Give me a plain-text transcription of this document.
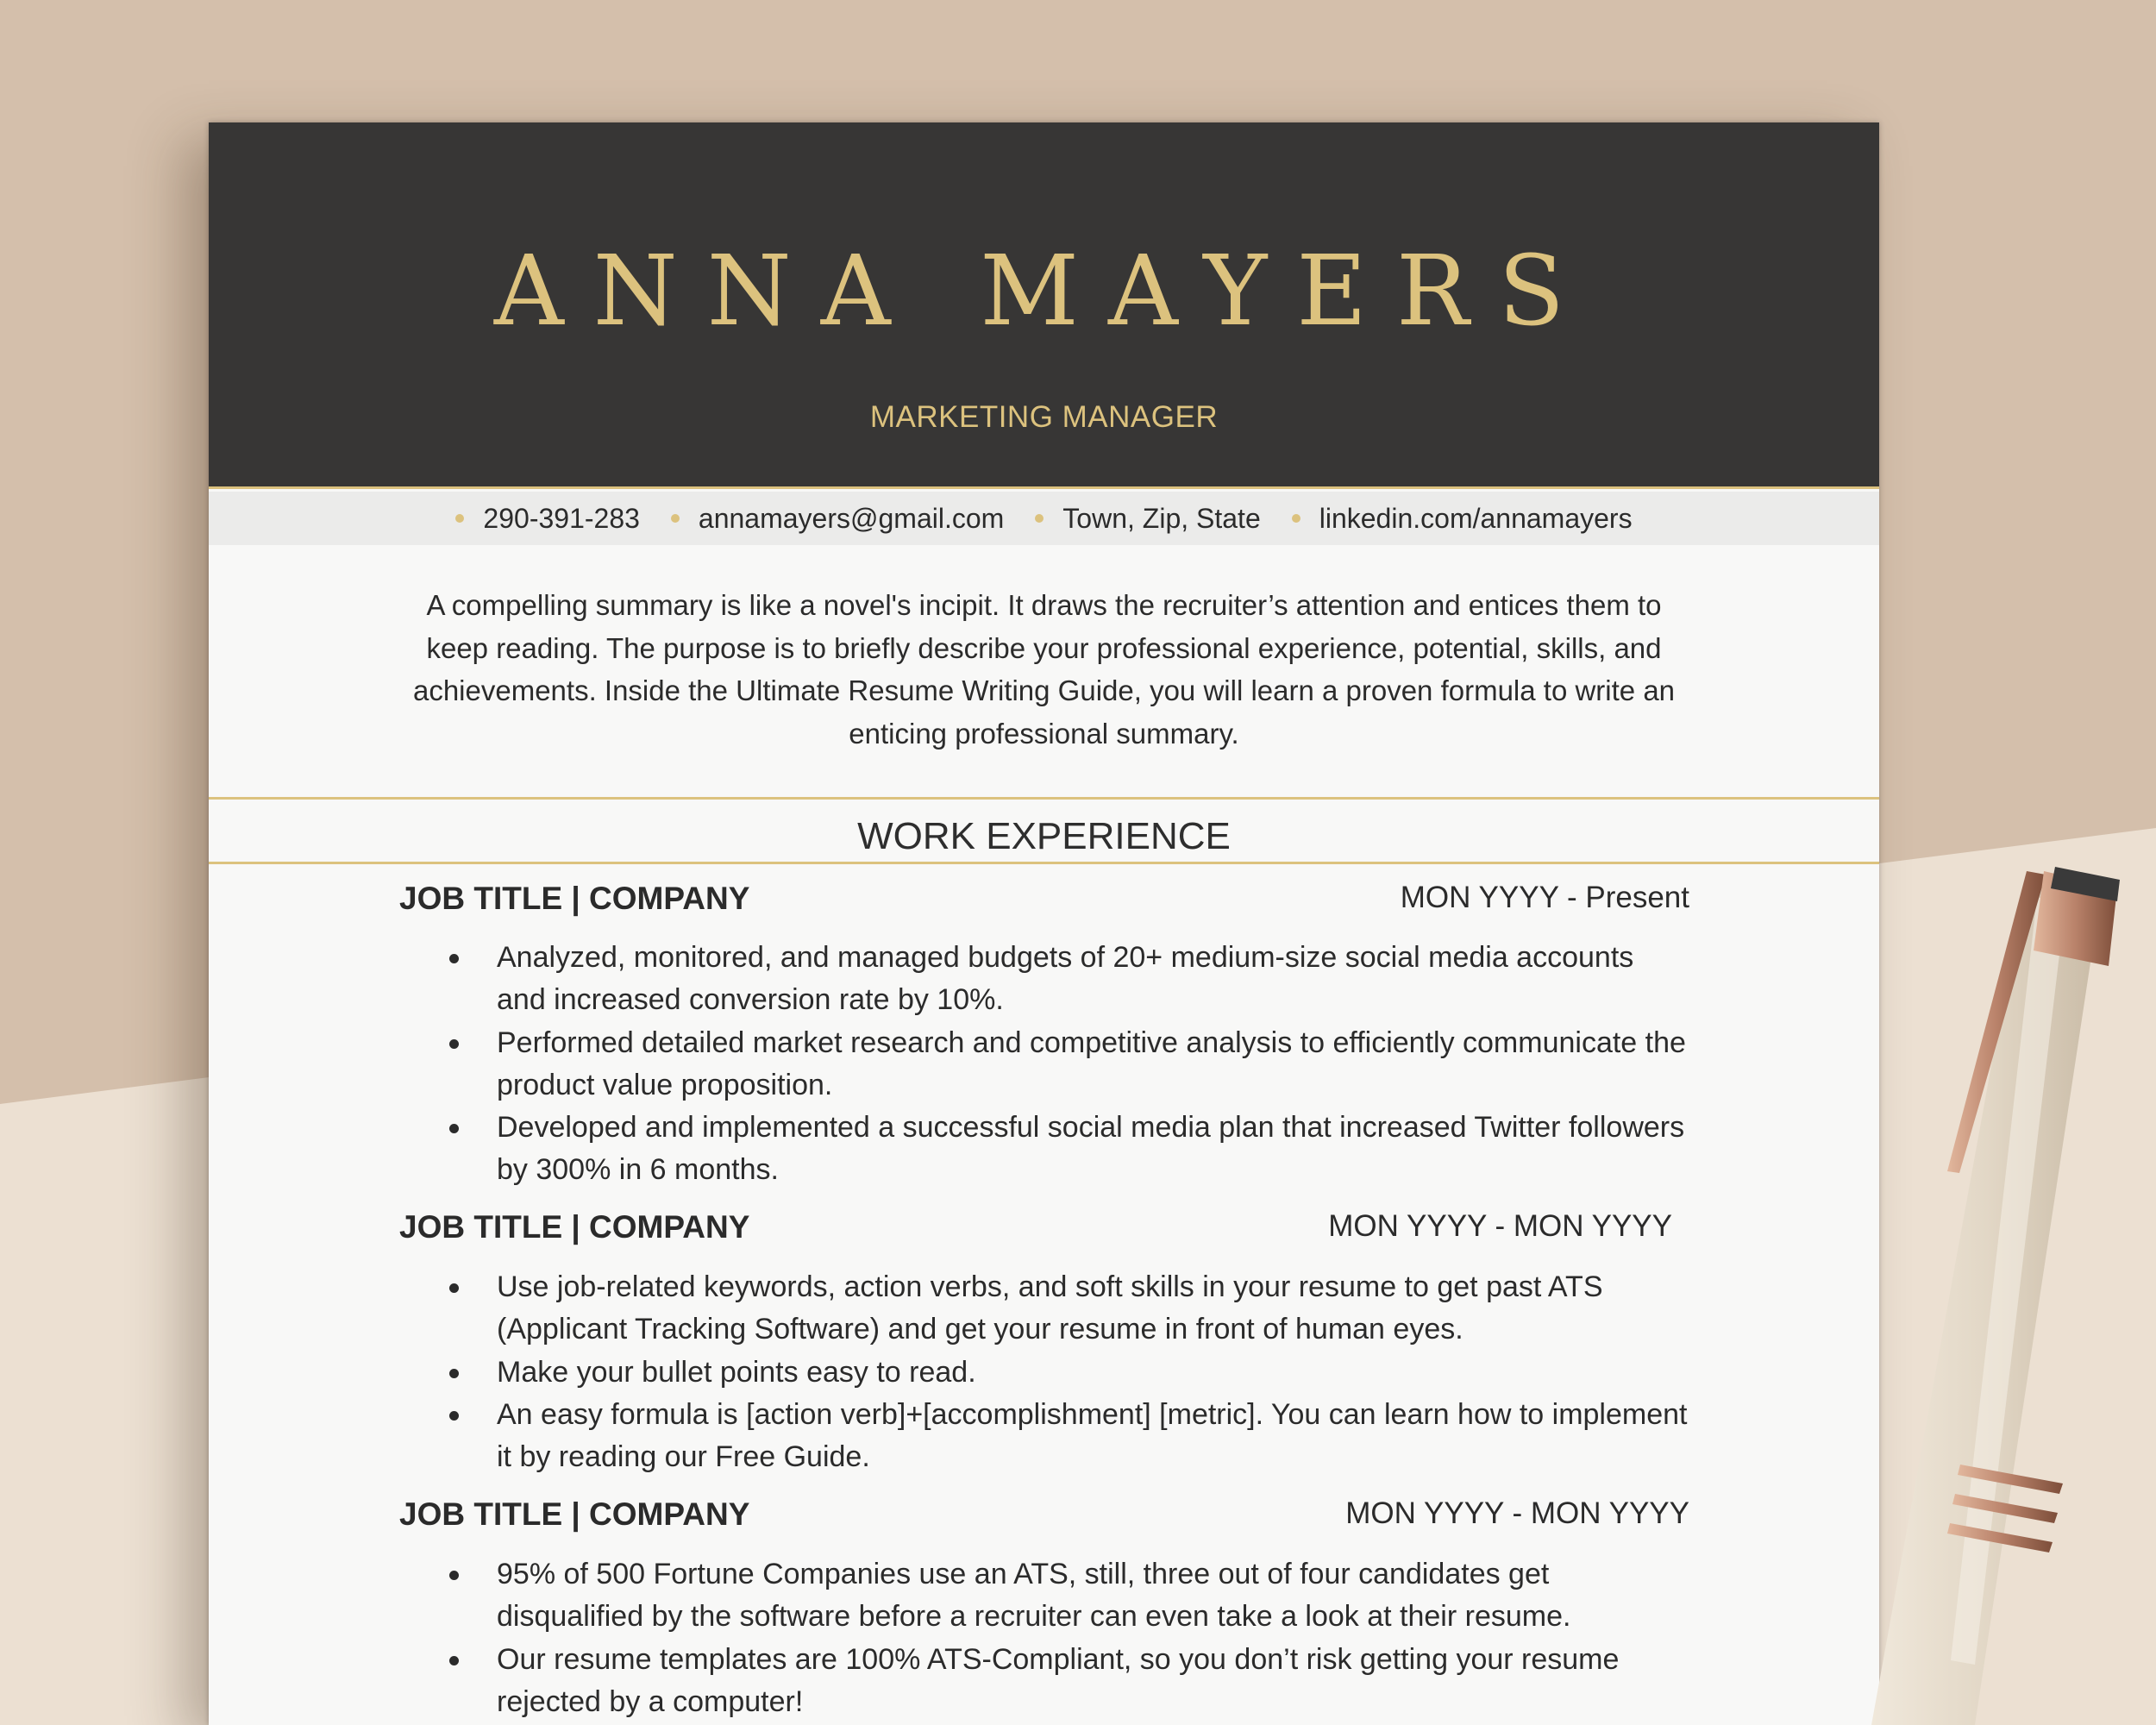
ANNA MAYERS
MARKETING MANAGER
290-391-283 annamayers@gmail.com Town, Zip, State linkedin.com/annamayers
A compelling summary is like a novel's incipit. It draws the recruiter’s attention and entices them to keep reading. The purpose is to briefly describe your professional experience, potential, skills, and achievements. Inside the Ultimate Resume Writing Guide, you will learn a proven formula to write an enticing professional summary.
WORK EXPERIENCE
JOB TITLE | COMPANY	MON YYYY - Present
Analyzed, monitored, and managed budgets of 20+ medium-size social media accounts and increased conversion rate by 10%.
Performed detailed market research and competitive analysis to efficiently communicate the product value proposition.
Developed and implemented a successful social media plan that increased Twitter followers by 300% in 6 months.
JOB TITLE | COMPANY	MON YYYY - MON YYYY
Use job-related keywords, action verbs, and soft skills in your resume to get past ATS (Applicant Tracking Software) and get your resume in front of human eyes.
Make your bullet points easy to read.
An easy formula is [action verb]+[accomplishment] [metric]. You can learn how to implement it by reading our Free Guide.
JOB TITLE | COMPANY	MON YYYY - MON YYYY
95% of 500 Fortune Companies use an ATS, still, three out of four candidates get disqualified by the software before a recruiter can even take a look at their resume.
Our resume templates are 100% ATS-Compliant, so you don’t risk getting your resume rejected by a computer!
